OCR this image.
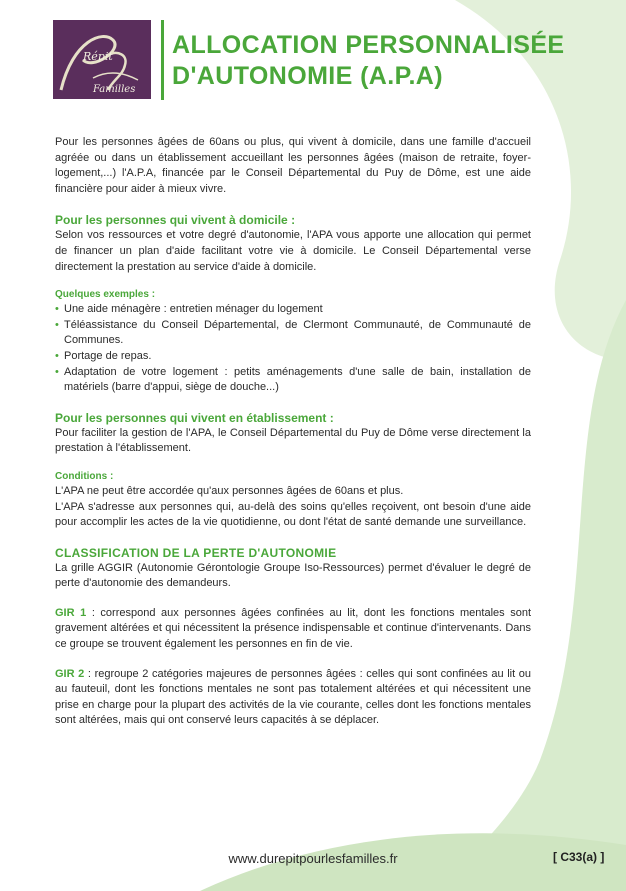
Répit
Familles
ALLOCATION PERSONNALISÉE
D'AUTONOMIE (A.P.A)

Pour les personnes âgées de 60ans ou plus, qui vivent à domicile, dans une famille d'accueil agréée ou dans un établissement accueillant les personnes âgées (maison de retraite, foyer-logement,...) l'A.P.A, financée par le Conseil Départemental du Puy de Dôme, est une aide financière pour aider à mieux vivre.

Pour les personnes qui vivent à domicile :

Selon vos ressources et votre degré d'autonomie, l'APA vous apporte une allocation qui permet de financer un plan d'aide facilitant votre vie à domicile. Le Conseil Départemental verse directement la prestation au service d'aide à domicile.

Quelques exemples :

• Une aide ménagère : entretien ménager du logement
• Téléassistance du Conseil Départemental, de Clermont Communauté, de Communauté de Communes.
• Portage de repas.
• Adaptation de votre logement : petits aménagements d'une salle de bain, installation de matériels (barre d'appui, siège de douche...)

Pour les personnes qui vivent en établissement :

Pour faciliter la gestion de l'APA, le Conseil Départemental du Puy de Dôme verse directement la prestation à l'établissement.

Conditions :

L'APA ne peut être accordée qu'aux personnes âgées de 60ans et plus.

L'APA s'adresse aux personnes qui, au-delà des soins qu'elles reçoivent, ont besoin d'une aide pour accomplir les actes de la vie quotidienne, ou dont l'état de santé demande une surveillance.

CLASSIFICATION DE LA PERTE D'AUTONOMIE

La grille AGGIR (Autonomie Gérontologie Groupe Iso-Ressources) permet d'évaluer le degré de perte d'autonomie des demandeurs.

GIR 1 : correspond aux personnes âgées confinées au lit, dont les fonctions mentales sont gravement altérées et qui nécessitent la présence indispensable et continue d'intervenants. Dans ce groupe se trouvent également les personnes en fin de vie.

GIR 2 : regroupe 2 catégories majeures de personnes âgées : celles qui sont confinées au lit ou au fauteuil, dont les fonctions mentales ne sont pas totalement altérées et qui nécessitent une prise en charge pour la plupart des activités de la vie courante, celles dont les fonctions mentales sont altérées, mais qui ont conservé leurs capacités à se déplacer.

www.durepitpourlesfamilles.fr	[ C33(a) ]
